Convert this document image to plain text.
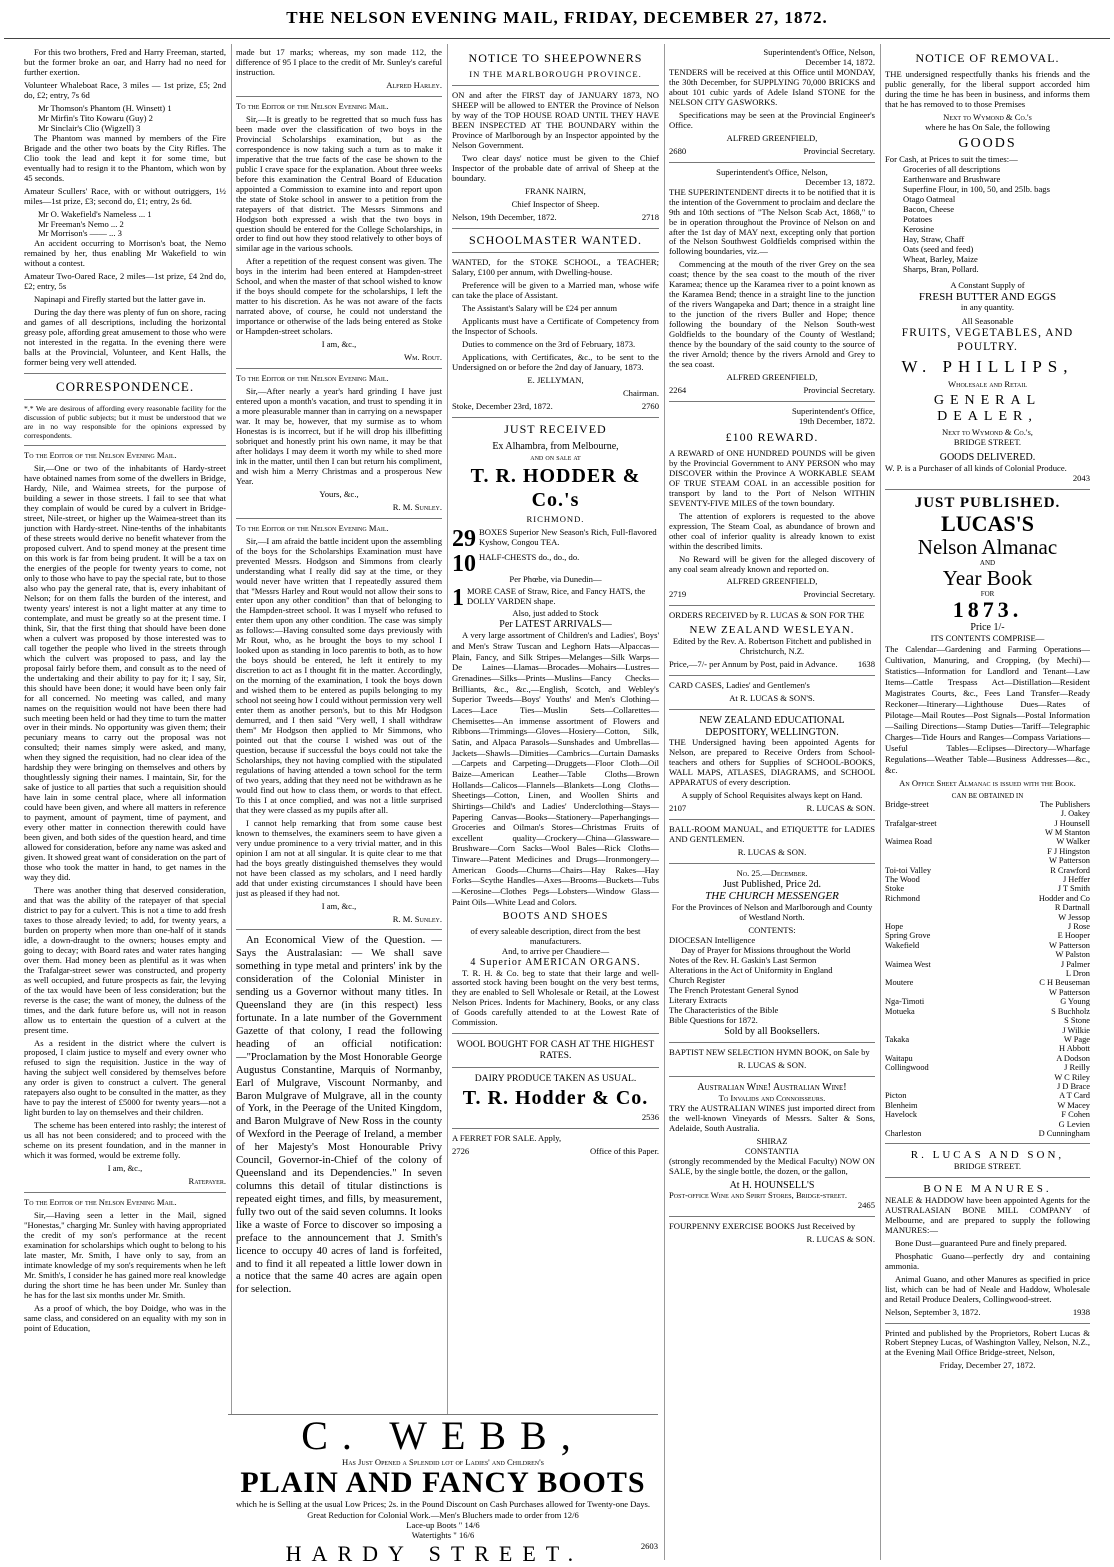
THE NELSON EVENING MAIL, FRIDAY, DECEMBER 27, 1872.

For this two brothers, Fred and Harry Freeman, started, but the former broke an oar, and Harry had no need for further exertion.

Volunteer Whaleboat Race, 3 miles — 1st prize, £5; 2nd do, £2; entry, 7s 6d

Mr Thomson's Phantom (H. Winsett) 1
Mr Mirfin's Tito Kowaru (Guy) 2
Mr Sinclair's Clio (Wigzell) 3

The Phantom was manned by members of the Fire Brigade and the other two boats by the City Rifles. The Clio took the lead and kept it for some time, but eventually had to resign it to the Phantom, which won by 45 seconds.

Amateur Scullers' Race, with or without outriggers, 1½ miles—1st prize, £3; second do, £1; entry, 2s 6d.

Mr O. Wakefield's Nameless ... 1
Mr Freeman's Nemo ... 2
Mr Morrison's —— ... 3

An accident occurring to Morrison's boat, the Nemo remained by her, thus enabling Mr Wakefield to win without a contest.

Amateur Two-Oared Race, 2 miles—1st prize, £4 2nd do, £2; entry, 5s

Napinapi and Firefly started but the latter gave in.

During the day there was plenty of fun on shore, racing and games of all descriptions, including the horizontal greasy pole, affording great amusement to those who were not interested in the regatta. In the evening there were balls at the Provincial, Volunteer, and Kent Halls, the former being very well attended.

CORRESPONDENCE.

*.* We are desirous of affording every reasonable facility for the discussion of public subjects; but it must be understood that we are in no way responsible for the opinions expressed by correspondents.

To the Editor of the Nelson Evening Mail.

Sir,—One or two of the inhabitants of Hardy-street have obtained names from some of the dwellers in Bridge, Hardy, Nile, and Waimea streets, for the purpose of building a sewer in those streets. I fail to see that what they complain of would be cured by a culvert in Bridge-street, Nile-street, or higher up the Waimea-street than its junction with Hardy-street. Nine-tenths of the inhabitants of these streets would derive no benefit whatever from the proposed culvert. And to spend money at the present time on this work is far from being prudent. It will be a tax on the energies of the people for twenty years to come, not only to those who have to pay the special rate, but to those also who pay the general rate, that is, every inhabitant of Nelson; for on them falls the burden of the interest, and twenty years' interest is not a light matter at any time to contemplate, and must be greatly so at the present time. I think, Sir, that the first thing that should have been done when a culvert was proposed by those interested was to call together the people who lived in the streets through which the culvert was proposed to pass, and lay the proposal fairly before them, and consult as to the need of the undertaking and their ability to pay for it; I say, Sir, this should have been done; it would have been only fair for all concerned. No meeting was called, and many names on the requisition would not have been there had such meeting been held or had they time to turn the matter over in their minds. No opportunity was given them; their pecuniary means to carry out the proposal was not consulted; their names simply were asked, and many, when they signed the requisition, had no clear idea of the hardship they were bringing on themselves and others by thoughtlessly signing their names. I maintain, Sir, for the sake of justice to all parties that such a requisition should have lain in some central place, where all information could have been given, and where all matters in reference to payment, amount of payment, time of payment, and every other matter in connection therewith could have been given, and both sides of the question heard, and time allowed for consideration, before any name was asked and given. It showed great want of consideration on the part of those who took the matter in hand, to get names in the way they did.

There was another thing that deserved consideration, and that was the ability of the ratepayer of that special district to pay for a culvert. This is not a time to add fresh taxes to those already levied; to add, for twenty years, a burden on property when more than one-half of it stands idle, a down-draught to the owners; houses empty and going to decay; with Board rates and water rates hanging over them. Had money been as plentiful as it was when the Trafalgar-street sewer was constructed, and property as well occupied, and future prospects as fair, the levying of the tax would have been of less consideration; but the reverse is the case; the want of money, the dulness of the times, and the dark future before us, will not in reason allow us to entertain the question of a culvert at the present time.

As a resident in the district where the culvert is proposed, I claim justice to myself and every owner who refused to sign the requisition. Justice in the way of having the subject well considered by themselves before any order is given to construct a culvert. The general ratepayers also ought to be consulted in the matter, as they have to pay the interest of £5000 for twenty years—not a light burden to lay on themselves and their children.

The scheme has been entered into rashly; the interest of us all has not been considered; and to proceed with the scheme on its present foundation, and in the manner in which it was formed, would be extreme folly.

I am, &c.,

Ratepayer.

To the Editor of the Nelson Evening Mail.

Sir,—Having seen a letter in the Mail, signed "Honestas," charging Mr. Sunley with having appropriated the credit of my son's performance at the recent examination for scholarships which ought to belong to his late master, Mr. Smith, I have only to say, from an intimate knowledge of my son's requirements when he left Mr. Smith's, I consider he has gained more real knowledge during the short time he has been under Mr. Sunley than he has for the last six months under Mr. Smith.

As a proof of which, the boy Doidge, who was in the same class, and considered on an equality with my son in point of Education,

made but 17 marks; whereas, my son made 112, the difference of 95 I place to the credit of Mr. Sunley's careful instruction.

Alfred Harley.

To the Editor of the Nelson Evening Mail.

Sir,—It is greatly to be regretted that so much fuss has been made over the classification of two boys in the Provincial Scholarships examination, but as the correspondence is now taking such a turn as to make it imperative that the true facts of the case be shown to the public I crave space for the explanation. About three weeks before this examination the Central Board of Education appointed a Commission to examine into and report upon the state of Stoke school in answer to a petition from the ratepayers of that district. The Messrs Simmons and Hodgson both expressed a wish that the two boys in question should be entered for the College Scholarships, in order to find out how they stood relatively to other boys of similar age in the various schools.

After a repetition of the request consent was given. The boys in the interim had been entered at Hampden-street School, and when the master of that school wished to know if the boys should compete for the scholarships, I left the matter to his discretion. As he was not aware of the facts narrated above, of course, he could not understand the importance or otherwise of the lads being entered as Stoke or Hampden-street scholars.

I am, &c.,

Wm. Rout.

To the Editor of the Nelson Evening Mail.

Sir,—After nearly a year's hard grinding I have just entered upon a month's vacation, and trust to spending it in a more pleasurable manner than in carrying on a newspaper war. It may be, however, that my surmise as to whom Honestas is is incorrect, but if he will drop his illbefitting sobriquet and honestly print his own name, it may be that after holidays I may deem it worth my while to shed more ink in the matter, until then I can but return his compliment, and wish him a Merry Christmas and a prosperous New Year.

Yours, &c.,

R. M. Sunley.

To the Editor of the Nelson Evening Mail.

Sir,—I am afraid the battle incident upon the assembling of the boys for the Scholarships Examination must have prevented Messrs. Hodgson and Simmons from clearly understanding what I really did say at the time, or they would never have written that I repeatedly assured them that "Messrs Harley and Rout would not allow their sons to enter upon any other condition" than that of belonging to the Hampden-street school. It was I myself who refused to enter them upon any other condition. The case was simply as follows:—Having consulted some days previously with Mr Rout, who, as he brought the boys to my school I looked upon as standing in loco parentis to both, as to how the boys should be entered, he left it entirely to my discretion to act as I thought fit in the matter. Accordingly, on the morning of the examination, I took the boys down and wished them to be entered as pupils belonging to my school not seeing how I could without permission very well enter them as another person's, but to this Mr Hodgson demurred, and I then said "Very well, I shall withdraw them" Mr Hodgson then applied to Mr Simmons, who pointed out that the course I wished was out of the question, because if successful the boys could not take the Scholarships, they not having complied with the stipulated regulations of having attended a town school for the term of two years, adding that they need not be withdrawn as he would find out how to class them, or words to that effect. To this I at once complied, and was not a little surprised that they were classed as my pupils after all.

I cannot help remarking that from some cause best known to themselves, the examiners seem to have given a very undue prominence to a very trivial matter, and in this opinion I am not at all singular. It is quite clear to me that had the boys greatly distinguished themselves they would not have been classed as my scholars, and I need hardly add that under existing circumstances I should have been just as pleased if they had not.

I am, &c.,

R. M. Sunley.

An Economical View of the Question. — Says the Australasian: — We shall save something in type metal and printers' ink by the consideration of the Colonial Minister in sending us a Governor without many titles. In Queensland they are (in this respect) less fortunate. In a late number of the Government Gazette of that colony, I read the following heading of an official notification:—"Proclamation by the Most Honorable George Augustus Constantine, Marquis of Normanby, Earl of Mulgrave, Viscount Normanby, and Baron Mulgrave of Mulgrave, all in the county of York, in the Peerage of the United Kingdom, and Baron Mulgrave of New Ross in the county of Wexford in the Peerage of Ireland, a member of her Majesty's Most Honourable Privy Council, Governor-in-Chief of the colony of Queensland and its Dependencies." In seven columns this detail of titular distinctions is repeated eight times, and fills, by measurement, fully two out of the said seven columns. It looks like a waste of Force to discover so imposing a preface to the announcement that J. Smith's licence to occupy 40 acres of land is forfeited, and to find it all repeated a little lower down in a notice that the same 40 acres are again open for selection.

NOTICE TO SHEEPOWNERS
IN THE MARLBOROUGH PROVINCE.

ON and after the FIRST day of JANUARY 1873, NO SHEEP will be allowed to ENTER the Province of Nelson by way of the TOP HOUSE ROAD UNTIL THEY HAVE BEEN INSPECTED AT THE BOUNDARY within the Province of Marlborough by an Inspector appointed by the Nelson Government.

Two clear days' notice must be given to the Chief Inspector of the probable date of arrival of Sheep at the boundary.

FRANK NAIRN,

Chief Inspector of Sheep.

Nelson, 19th December, 1872.	2718
SCHOOLMASTER WANTED.

WANTED, for the STOKE SCHOOL, a TEACHER; Salary, £100 per annum, with Dwelling-house.

Preference will be given to a Married man, whose wife can take the place of Assistant.

The Assistant's Salary will be £24 per annum

Applicants must have a Certificate of Competency from the Inspector of Schools.

Duties to commence on the 3rd of February, 1873.

Applications, with Certificates, &c., to be sent to the Undersigned on or before the 2nd day of January, 1873.

E. JELLYMAN,

Chairman.

Stoke, December 23rd, 1872.	2760
JUST RECEIVED
Ex Alhambra, from Melbourne,
and on sale at
T. R. HODDER & Co.'s
RICHMOND.
29 BOXES Superior New Season's Rich, Full-flavored Kyshow, Congou TEA.
10 HALF-CHESTS do., do., do.
Per Phœbe, via Dunedin—
1 MORE CASE of Straw, Rice, and Fancy HATS, the DOLLY VARDEN shape.
Also, just added to Stock
Per LATEST ARRIVALS—

A very large assortment of Children's and Ladies', Boys' and Men's Straw Tuscan and Leghorn Hats—Alpaccas—Plain, Fancy, and Silk Stripes—Melanges—Silk Warps—De Laines—Llamas—Brocades—Mohairs—Lustres—Grenadines—Silks—Prints—Muslins—Fancy Checks—Brilliants, &c., &c.,—English, Scotch, and Webley's Superior Tweeds—Boys' Youths' and Men's Clothing—Laces—Lace Ties—Muslin Sets—Collarettes—Chemisettes—An immense assortment of Flowers and Ribbons—Trimmings—Gloves—Hosiery—Cotton, Silk, Satin, and Alpaca Parasols—Sunshades and Umbrellas—Jackets—Shawls—Dimities—Cambrics—Curtain Damasks—Carpets and Carpeting—Druggets—Floor Cloth—Oil Baize—American Leather—Table Cloths—Brown Hollands—Calicos—Flannels—Blankets—Long Cloths—Sheetings—Cotton, Linen, and Woollen Shirts and Shirtings—Child's and Ladies' Underclothing—Stays—Papering Canvas—Books—Stationery—Paperhangings—Groceries and Oilman's Stores—Christmas Fruits of excellent quality—Crockery—China—Glassware—Brushware—Corn Sacks—Wool Bales—Rick Cloths—Tinware—Patent Medicines and Drugs—Ironmongery—American Goods—Churns—Chairs—Hay Rakes—Hay Forks—Scythe Handles—Axes—Brooms—Buckets—Tubs—Kerosine—Clothes Pegs—Lobsters—Window Glass—Paint Oils—White Lead and Colors.

BOOTS AND SHOES
of every saleable description, direct from the best manufacturers.
And, to arrive per Chaudiere—
4 Superior AMERICAN ORGANS.

T. R. H. & Co. beg to state that their large and well-assorted stock having been bought on the very best terms, they are enabled to Sell Wholesale or Retail, at the Lowest Nelson Prices. Indents for Machinery, Books, or any class of Goods carefully attended to at the Lowest Rate of Commission.

WOOL BOUGHT FOR CASH AT THE HIGHEST RATES.
DAIRY PRODUCE TAKEN AS USUAL.
T. R. Hodder & Co.
2536

A FERRET FOR SALE. Apply,

2726	Office of this Paper.
Superintendent's Office, Nelson,
December 14, 1872.

TENDERS will be received at this Office until MONDAY, the 30th December, for SUPPLYING 70,000 BRICKS and about 101 cubic yards of Adele Island STONE for the NELSON CITY GASWORKS.

Specifications may be seen at the Provincial Engineer's Office.

ALFRED GREENFIELD,

2680	Provincial Secretary.
Superintendent's Office, Nelson,
December 13, 1872.

THE SUPERINTENDENT directs it to be notified that it is the intention of the Government to proclaim and declare the 9th and 10th sections of "The Nelson Scab Act, 1868," to be in operation throughout the Province of Nelson on and after the 1st day of MAY next, excepting only that portion of the Nelson Southwest Goldfields comprised within the following boundaries, viz.—

Commencing at the mouth of the river Grey on the sea coast; thence by the sea coast to the mouth of the river Karamea; thence up the Karamea river to a point known as the Karamea Bend; thence in a straight line to the junction of the rivers Wangapeka and Dart; thence in a straight line to the junction of the rivers Buller and Hope; thence following the boundary of the Nelson South-west Goldfields to the boundary of the County of Westland; thence by the boundary of the said county to the source of the river Arnold; thence by the rivers Arnold and Grey to the sea coast.

ALFRED GREENFIELD,

2264	Provincial Secretary.
Superintendent's Office,
19th December, 1872.
£100 REWARD.

A REWARD of ONE HUNDRED POUNDS will be given by the Provincial Government to ANY PERSON who may DISCOVER within the Province A WORKABLE SEAM OF TRUE STEAM COAL in an accessible position for transport by land to the Port of Nelson WITHIN SEVENTY-FIVE MILES of the town boundary.

The attention of explorers is requested to the above expression, The Steam Coal, as abundance of brown and other coal of inferior quality is already known to exist within the described limits.

No Reward will be given for the alleged discovery of any coal seam already known and reported on.

ALFRED GREENFIELD,

2719	Provincial Secretary.

ORDERS RECEIVED by R. LUCAS & SON FOR THE

NEW ZEALAND WESLEYAN.

Edited by the Rev. A. Robertson Fitchett and published in Christchurch, N.Z.

Price,—7/- per Annum by Post, paid in Advance. 1638

CARD CASES, Ladies' and Gentlemen's

At R. LUCAS & SON'S.
NEW ZEALAND EDUCATIONAL DEPOSITORY, WELLINGTON.

THE Undersigned having been appointed Agents for Nelson, are prepared to Receive Orders from School-teachers and others for Supplies of SCHOOL-BOOKS, WALL MAPS, ATLASES, DIAGRAMS, and SCHOOL APPARATUS of every description.

A supply of School Requisites always kept on Hand.

2107	R. LUCAS & SON.

BALL-ROOM MANUAL, and ETIQUETTE for LADIES AND GENTLEMEN.

R. LUCAS & SON.
No. 25.—December.
Just Published, Price 2d.
THE CHURCH MESSENGER

For the Provinces of Nelson and Marlborough and County of Westland North.

CONTENTS:
DIOCESAN Intelligence
Day of Prayer for Missions throughout the World
Notes of the Rev. H. Gaskin's Last Sermon
Alterations in the Act of Uniformity in England
Church Register
The French Protestant General Synod
Literary Extracts
The Characteristics of the Bible
Bible Questions for 1872.
Sold by all Booksellers.

BAPTIST NEW SELECTION HYMN BOOK, on Sale by

R. LUCAS & SON.
Australian Wine! Australian Wine!
To Invalids and Connoisseurs.

TRY the AUSTRALIAN WINES just imported direct from the well-known Vineyards of Messrs. Salter & Sons, Adelaide, South Australia.

SHIRAZ
CONSTANTIA

(strongly recommended by the Medical Faculty) NOW ON SALE, by the single bottle, the dozen, or the gallon,

At H. HOUNSELL'S
Post-office Wine and Spirit Stores, Bridge-street.
2465

FOURPENNY EXERCISE BOOKS Just Received by

R. LUCAS & SON.
NOTICE OF REMOVAL.

THE undersigned respectfully thanks his friends and the public generally, for the liberal support accorded him during the time he has been in business, and informs them that he has removed to to those Premises

Next to Wymond & Co.'s
where he has On Sale, the following
GOODS
For Cash, at Prices to suit the times:—
Groceries of all descriptions
Earthenware and Brushware
Superfine Flour, in 100, 50, and 25lb. bags
Otago Oatmeal
Bacon, Cheese
Potatoes
Kerosine
Hay, Straw, Chaff
Oats (seed and feed)
Wheat, Barley, Maize
Sharps, Bran, Pollard.
A Constant Supply of
FRESH BUTTER AND EGGS
in any quantity.
All Seasonable
FRUITS, VEGETABLES, AND POULTRY.
W. PHILLIPS,
Wholesale and Retail
GENERAL DEALER,
Next to Wymond & Co.'s,
BRIDGE STREET.
GOODS DELIVERED.
W. P. is a Purchaser of all kinds of Colonial Produce.
2043
JUST PUBLISHED.
LUCAS'S
Nelson Almanac
AND
Year Book
FOR
1873.
Price 1/-
ITS CONTENTS COMPRISE—

The Calendar—Gardening and Farming Operations—Cultivation, Manuring, and Cropping, (by Mechi)—Statistics—Information for Landlord and Tenant—Law Items—Cattle Trespass Act—Distillation—Resident Magistrates Courts, &c., Fees Land Transfer—Ready Reckoner—Itinerary—Lighthouse Dues—Rates of Pilotage—Mail Routes—Post Signals—Postal Information—Sailing Directions—Stamp Duties—Tariff—Telegraphic Charges—Tide Hours and Ranges—Compass Variations—Useful Tables—Eclipses—Directory—Wharfage Regulations—Weather Table—Business Addresses—&c., &c.

An Office Sheet Almanac is issued with the Book.

CAN BE OBTAINED IN
Bridge-street	The Publishers
J. Oakey
Trafalgar-street	J Hounsell
W M Stanton
Waimea Road	W Walker
F J Hingston
W Patterson
Toi-toi Valley	R Crawford
The Wood	J Heffer
Stoke	J T Smith
Richmond	Hodder and Co
R Dartnall
W Jessop
Hope	J Rose
Spring Grove	E Hooper
Wakefield	W Patterson
W Palston
Waimea West	J Palmer
L Dron
Moutere	C H Beuseman
W Patterson
Nga-Timoti	G Young
Motueka	S Buchholz
S Stone
J Wilkie
Takaka	W Page
H Abbott
Waitapu	A Dodson
Collingwood	J Reilly
W C Riley
J D Brace
Picton	A T Card
Blenheim	W Macey
Havelock	F Cohen
G Levien
Charleston	D Cunningham
R. LUCAS AND SON,
BRIDGE STREET.
BONE MANURES.

NEALE & HADDOW have been appointed Agents for the AUSTRALASIAN BONE MILL COMPANY of Melbourne, and are prepared to supply the following MANURES:—

Bone Dust—guaranteed Pure and finely prepared.

Phosphatic Guano—perfectly dry and containing ammonia.

Animal Guano, and other Manures as specified in price list, which can be had of Neale and Haddow, Wholesale and Retail Produce Dealers, Collingwood-street.

Nelson, September 3, 1872.	1938

Printed and published by the Proprietors, Robert Lucas & Robert Stepney Lucas, of Washington Valley, Nelson, N.Z., at the Evening Mail Office Bridge-street, Nelson,

Friday, December 27, 1872.
C. WEBB,
Has Just Opened a Splendid lot of Ladies' and Children's
PLAIN AND FANCY BOOTS
which he is Selling at the usual Low Prices; 2s. in the Pound Discount on Cash Purchases allowed for Twenty-one Days.
Great Reduction for Colonial Work.—Men's Bluchers made to order from 12/6
Lace-up Boots " 14/6
Watertights " 16/6
HARDY STREET.	2603
